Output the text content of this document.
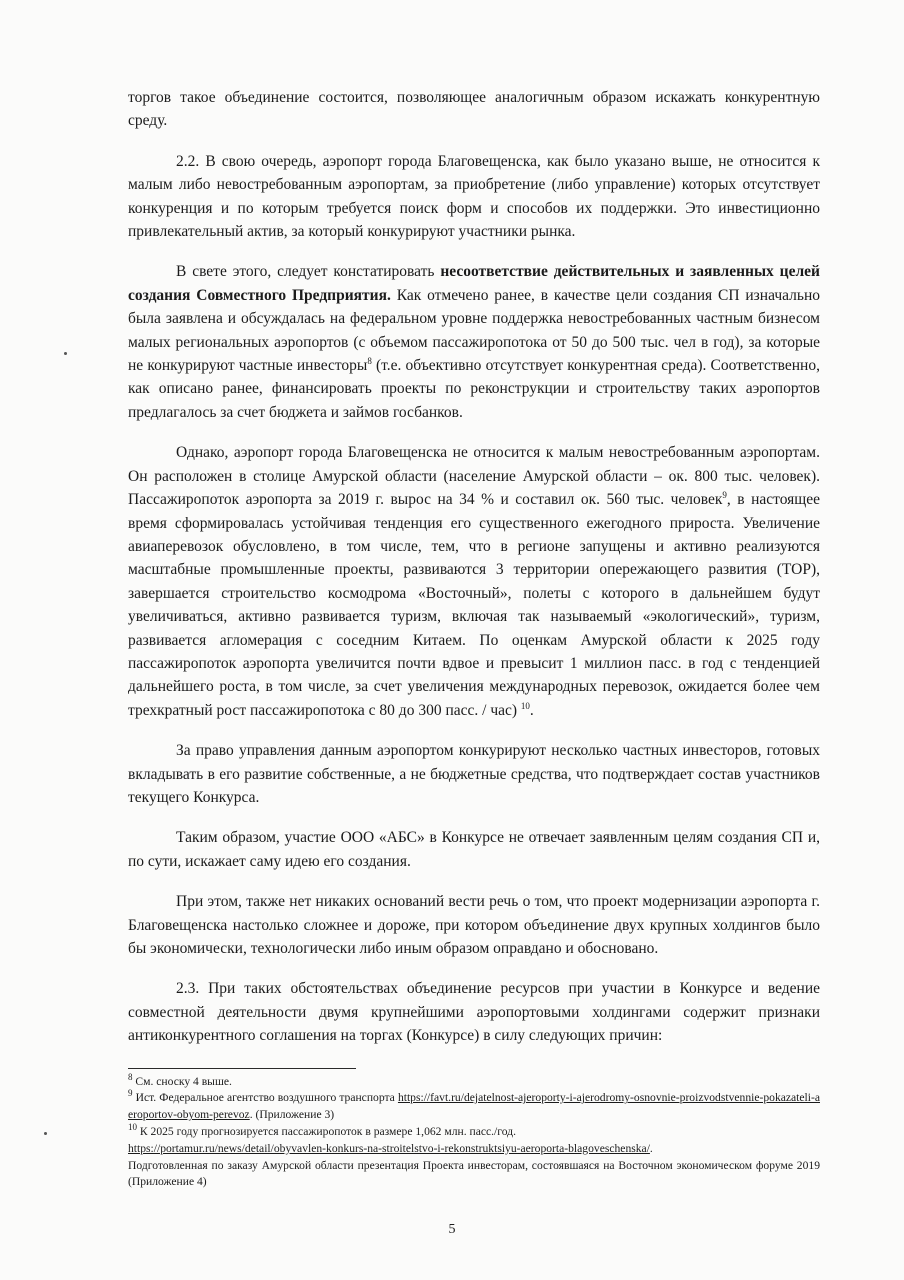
торгов такое объединение состоится, позволяющее аналогичным образом искажать конкурентную среду.

2.2. В свою очередь, аэропорт города Благовещенска, как было указано выше, не относится к малым либо невостребованным аэропортам, за приобретение (либо управление) которых отсутствует конкуренция и по которым требуется поиск форм и способов их поддержки. Это инвестиционно привлекательный актив, за который конкурируют участники рынка.

В свете этого, следует констатировать несоответствие действительных и заявленных целей создания Совместного Предприятия. Как отмечено ранее, в качестве цели создания СП изначально была заявлена и обсуждалась на федеральном уровне поддержка невостребованных частным бизнесом малых региональных аэропортов (с объемом пассажиропотока от 50 до 500 тыс. чел в год), за которые не конкурируют частные инвесторы$^8$ (т.е. объективно отсутствует конкурентная среда). Соответственно, как описано ранее, финансировать проекты по реконструкции и строительству таких аэропортов предлагалось за счет бюджета и займов госбанков.

Однако, аэропорт города Благовещенска не относится к малым невостребованным аэропортам. Он расположен в столице Амурской области (население Амурской области – ок. 800 тыс. человек). Пассажиропоток аэропорта за 2019 г. вырос на 34 % и составил ок. 560 тыс. человек$^9$, в настоящее время сформировалась устойчивая тенденция его существенного ежегодного прироста. Увеличение авиаперевозок обусловлено, в том числе, тем, что в регионе запущены и активно реализуются масштабные промышленные проекты, развиваются 3 территории опережающего развития (ТОР), завершается строительство космодрома «Восточный», полеты с которого в дальнейшем будут увеличиваться, активно развивается туризм, включая так называемый «экологический», туризм, развивается агломерация с соседним Китаем. По оценкам Амурской области к 2025 году пассажиропоток аэропорта увеличится почти вдвое и превысит 1 миллион пасс. в год с тенденцией дальнейшего роста, в том числе, за счет увеличения международных перевозок, ожидается более чем трехкратный рост пассажиропотока с 80 до 300 пасс. / час) $^{10}$.

За право управления данным аэропортом конкурируют несколько частных инвесторов, готовых вкладывать в его развитие собственные, а не бюджетные средства, что подтверждает состав участников текущего Конкурса.

Таким образом, участие ООО «АБС» в Конкурсе не отвечает заявленным целям создания СП и, по сути, искажает саму идею его создания.

При этом, также нет никаких оснований вести речь о том, что проект модернизации аэропорта г. Благовещенска настолько сложнее и дороже, при котором объединение двух крупных холдингов было бы экономически, технологически либо иным образом оправдано и обосновано.

2.3. При таких обстоятельствах объединение ресурсов при участии в Конкурсе и ведение совместной деятельности двумя крупнейшими аэропортовыми холдингами содержит признаки антиконкурентного соглашения на торгах (Конкурсе) в силу следующих причин:

$^8$ См. сноску 4 выше.

$^9$ Ист. Федеральное агентство воздушного транспорта https://favt.ru/dejatelnost-ajeroporty-i-ajerodromy-osnovnie-proizvodstvennie-pokazateli-aeroportov-obyom-perevoz. (Приложение 3)

$^{10}$ К 2025 году прогнозируется пассажиропоток в размере 1,062 млн. пасс./год.
https://portamur.ru/news/detail/obyvavlen-konkurs-na-stroitelstvo-i-rekonstruktsiyu-aeroporta-blagoveschenska/.
Подготовленная по заказу Амурской области презентация Проекта инвесторам, состоявшаяся на Восточном экономическом форуме 2019 (Приложение 4)

5
